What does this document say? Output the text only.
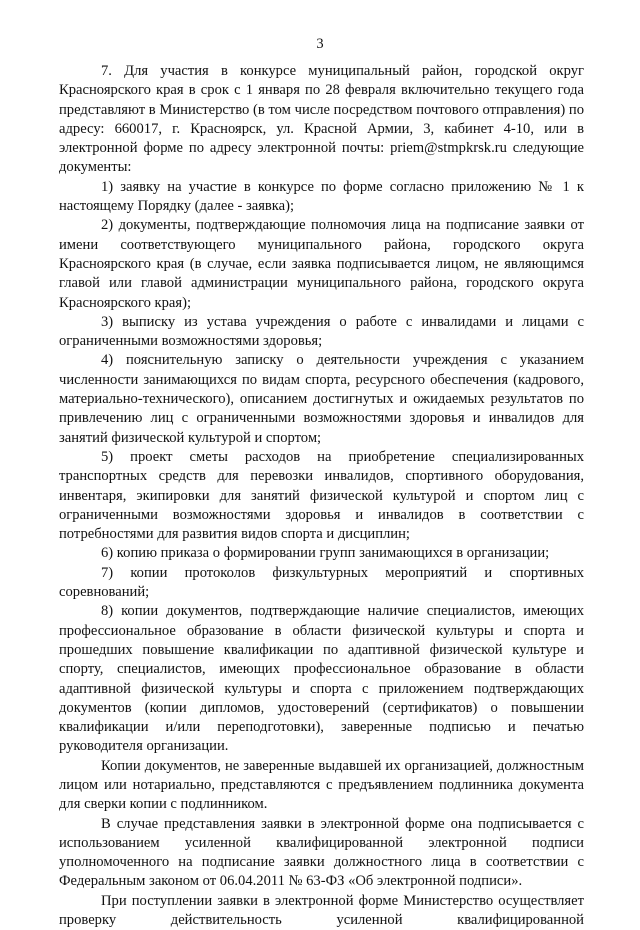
3

7. Для участия в конкурсе муниципальный район, городской округ Красноярского края в срок с 1 января по 28 февраля включительно текущего года представляют в Министерство (в том числе посредством почтового отправления) по адресу: 660017, г. Красноярск, ул. Красной Армии, 3, кабинет 4-10, или в электронной форме по адресу электронной почты: priem@stmpkrsk.ru следующие документы:

1) заявку на участие в конкурсе по форме согласно приложению № 1 к настоящему Порядку (далее - заявка);

2) документы, подтверждающие полномочия лица на подписание заявки от имени соответствующего муниципального района, городского округа Красноярского края (в случае, если заявка подписывается лицом, не являющимся главой или главой администрации муниципального района, городского округа Красноярского края);

3) выписку из устава учреждения о работе с инвалидами и лицами с ограниченными возможностями здоровья;

4) пояснительную записку о деятельности учреждения с указанием численности занимающихся по видам спорта, ресурсного обеспечения (кадрового, материально-технического), описанием достигнутых и ожидаемых результатов по привлечению лиц с ограниченными возможностями здоровья и инвалидов для занятий физической культурой и спортом;

5) проект сметы расходов на приобретение специализированных транспортных средств для перевозки инвалидов, спортивного оборудования, инвентаря, экипировки для занятий физической культурой и спортом лиц с ограниченными возможностями здоровья и инвалидов в соответствии с потребностями для развития видов спорта и дисциплин;

6) копию приказа о формировании групп занимающихся в организации;

7) копии протоколов физкультурных мероприятий и спортивных соревнований;

8) копии документов, подтверждающие наличие специалистов, имеющих профессиональное образование в области физической культуры и спорта и прошедших повышение квалификации по адаптивной физической культуре и спорту, специалистов, имеющих профессиональное образование в области адаптивной физической культуры и спорта с приложением подтверждающих документов (копии дипломов, удостоверений (сертификатов) о повышении квалификации и/или переподготовки), заверенные подписью и печатью руководителя организации.

Копии документов, не заверенные выдавшей их организацией, должностным лицом или нотариально, представляются с предъявлением подлинника документа для сверки копии с подлинником.

В случае представления заявки в электронной форме она подписывается с использованием усиленной квалифицированной электронной подписи уполномоченного на подписание заявки должностного лица в соответствии с Федеральным законом от 06.04.2011 № 63-ФЗ «Об электронной подписи».

При поступлении заявки в электронной форме Министерство осуществляет проверку действительность усиленной квалифицированной
